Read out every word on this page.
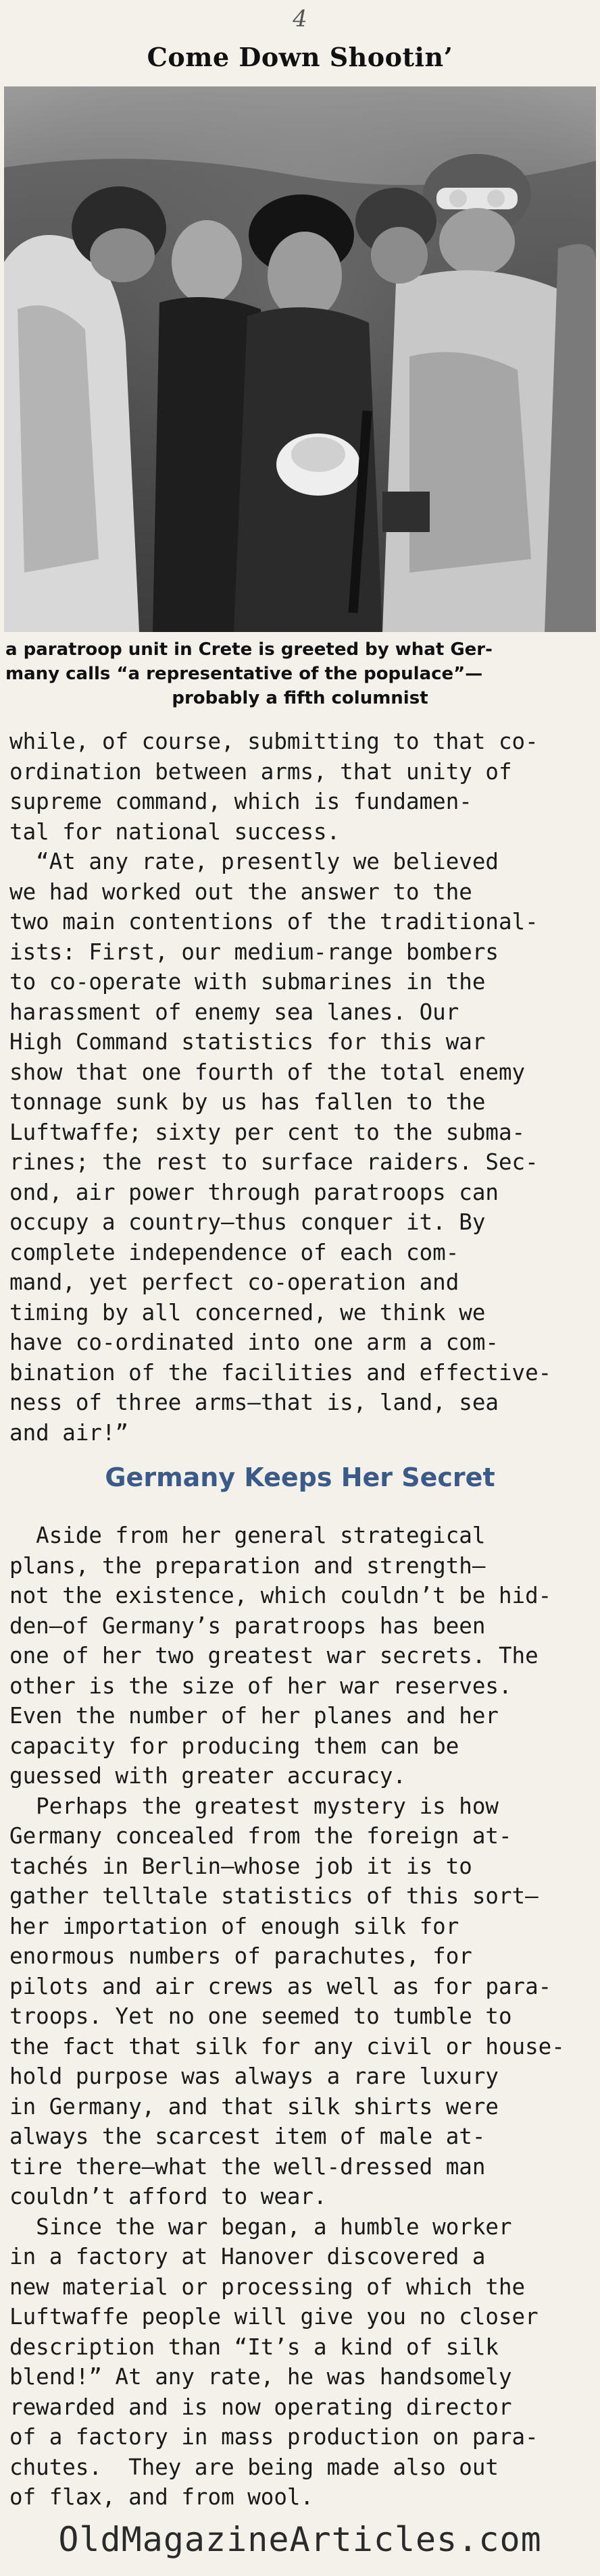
4
Come Down Shootin’
a paratroop unit in Crete is greeted by what Ger-
many calls “a representative of the populace”—
probably a fifth columnist
while, of course, submitting to that co-
ordination between arms, that unity of
supreme command, which is fundamen-
tal for national success.
“At any rate, presently we believed
we had worked out the answer to the
two main contentions of the traditional-
ists: First, our medium-range bombers
to co-operate with submarines in the
harassment of enemy sea lanes. Our
High Command statistics for this war
show that one fourth of the total enemy
tonnage sunk by us has fallen to the
Luftwaffe; sixty per cent to the subma-
rines; the rest to surface raiders. Sec-
ond, air power through paratroops can
occupy a country—thus conquer it. By
complete independence of each com-
mand, yet perfect co-operation and
timing by all concerned, we think we
have co-ordinated into one arm a com-
bination of the facilities and effective-
ness of three arms—that is, land, sea
and air!”
Germany Keeps Her Secret
Aside from her general strategical
plans, the preparation and strength—
not the existence, which couldn’t be hid-
den—of Germany’s paratroops has been
one of her two greatest war secrets. The
other is the size of her war reserves.
Even the number of her planes and her
capacity for producing them can be
guessed with greater accuracy.
Perhaps the greatest mystery is how
Germany concealed from the foreign at-
tachés in Berlin—whose job it is to
gather telltale statistics of this sort—
her importation of enough silk for
enormous numbers of parachutes, for
pilots and air crews as well as for para-
troops. Yet no one seemed to tumble to
the fact that silk for any civil or house-
hold purpose was always a rare luxury
in Germany, and that silk shirts were
always the scarcest item of male at-
tire there—what the well-dressed man
couldn’t afford to wear.
Since the war began, a humble worker
in a factory at Hanover discovered a
new material or processing of which the
Luftwaffe people will give you no closer
description than “It’s a kind of silk
blend!” At any rate, he was handsomely
rewarded and is now operating director
of a factory in mass production on para-
chutes.  They are being made also out
of flax, and from wool.
OldMagazineArticles.com
